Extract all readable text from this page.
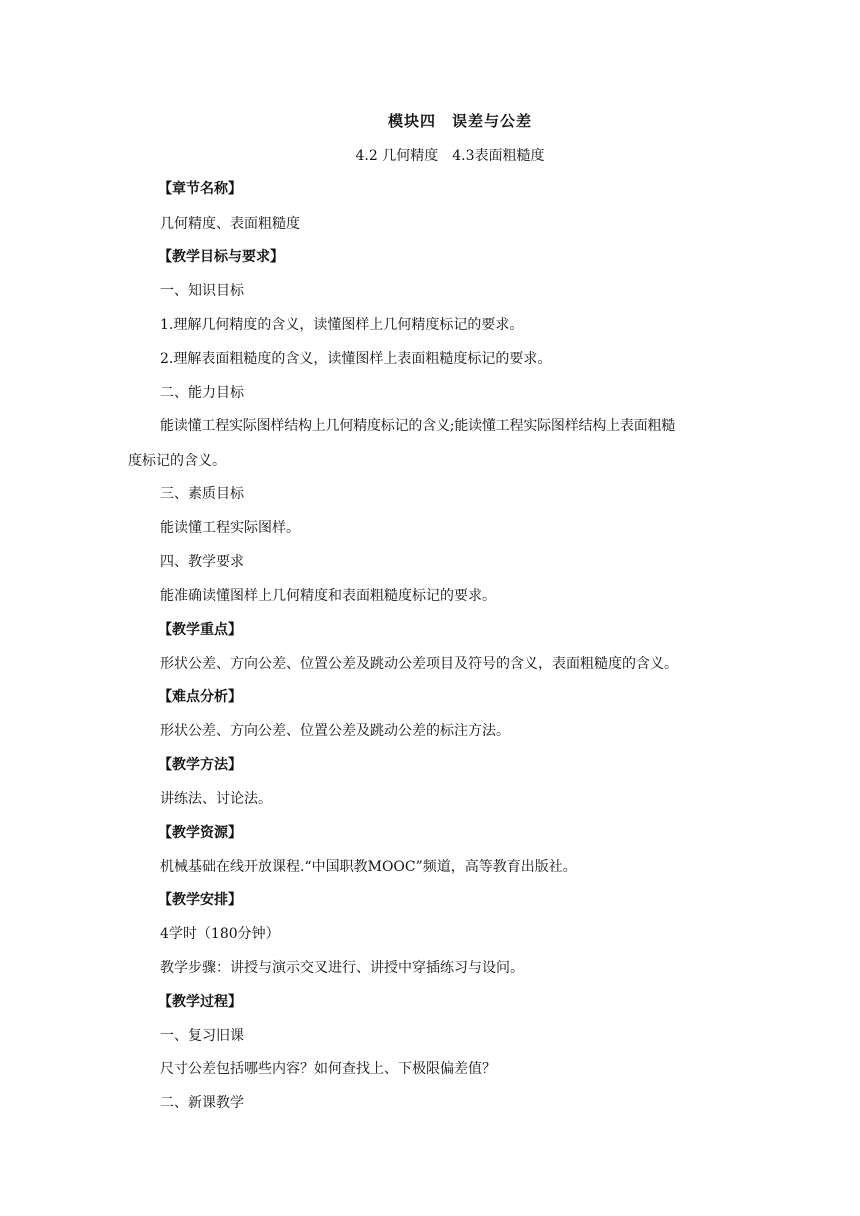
模块四　误差与公差
4.2 几何精度　4.3表面粗糙度
【章节名称】
几何精度、表面粗糙度
【教学目标与要求】
一、知识目标
1.理解几何精度的含义，读懂图样上几何精度标记的要求。
2.理解表面粗糙度的含义，读懂图样上表面粗糙度标记的要求。
二、能力目标
能读懂工程实际图样结构上几何精度标记的含义;能读懂工程实际图样结构上表面粗糙
度标记的含义。
三、素质目标
能读懂工程实际图样。
四、教学要求
能准确读懂图样上几何精度和表面粗糙度标记的要求。
【教学重点】
形状公差、方向公差、位置公差及跳动公差项目及符号的含义，表面粗糙度的含义。
【难点分析】
形状公差、方向公差、位置公差及跳动公差的标注方法。
【教学方法】
讲练法、讨论法。
【教学资源】
机械基础在线开放课程.“中国职教MOOC”频道，高等教育出版社。
【教学安排】
4学时（180分钟）
教学步骤：讲授与演示交叉进行、讲授中穿插练习与设问。
【教学过程】
一、复习旧课
尺寸公差包括哪些内容？如何查找上、下极限偏差值？
二、新课教学
